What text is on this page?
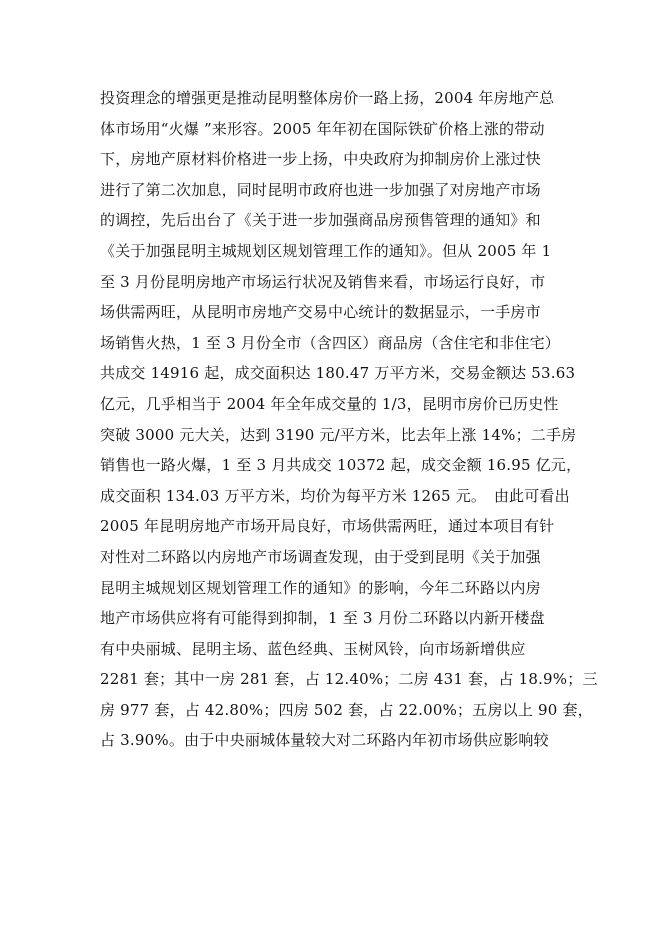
投资理念的增强更是推动昆明整体房价一路上扬，2004 年房地产总
体市场用“火爆 ”来形容。2005 年年初在国际铁矿价格上涨的带动
下，房地产原材料价格进一步上扬，中央政府为抑制房价上涨过快
进行了第二次加息，同时昆明市政府也进一步加强了对房地产市场
的调控，先后出台了《关于进一步加强商品房预售管理的通知》和
《关于加强昆明主城规划区规划管理工作的通知》。但从 2005 年 1
至 3 月份昆明房地产市场运行状况及销售来看，市场运行良好，市
场供需两旺，从昆明市房地产交易中心统计的数据显示，一手房市
场销售火热，1 至 3 月份全市（含四区）商品房（含住宅和非住宅）
共成交 14916 起，成交面积达 180.47 万平方米，交易金额达 53.63
亿元，几乎相当于 2004 年全年成交量的 1/3，昆明市房价已历史性
突破 3000 元大关，达到 3190 元/平方米，比去年上涨 14%；二手房
销售也一路火爆，1 至 3 月共成交 10372 起，成交金额 16.95 亿元，
成交面积 134.03 万平方米，均价为每平方米 1265 元。　由此可看出
2005 年昆明房地产市场开局良好，市场供需两旺，通过本项目有针
对性对二环路以内房地产市场调查发现，由于受到昆明《关于加强
昆明主城规划区规划管理工作的通知》的影响，今年二环路以内房
地产市场供应将有可能得到抑制，1 至 3 月份二环路以内新开楼盘
有中央丽城、昆明主场、蓝色经典、玉树风铃，向市场新增供应
2281 套；其中一房 281 套，占 12.40%；二房 431 套，占 18.9%；三
房 977 套，占 42.80%；四房 502 套，占 22.00%；五房以上 90 套，
占 3.90%。由于中央丽城体量较大对二环路内年初市场供应影响较
